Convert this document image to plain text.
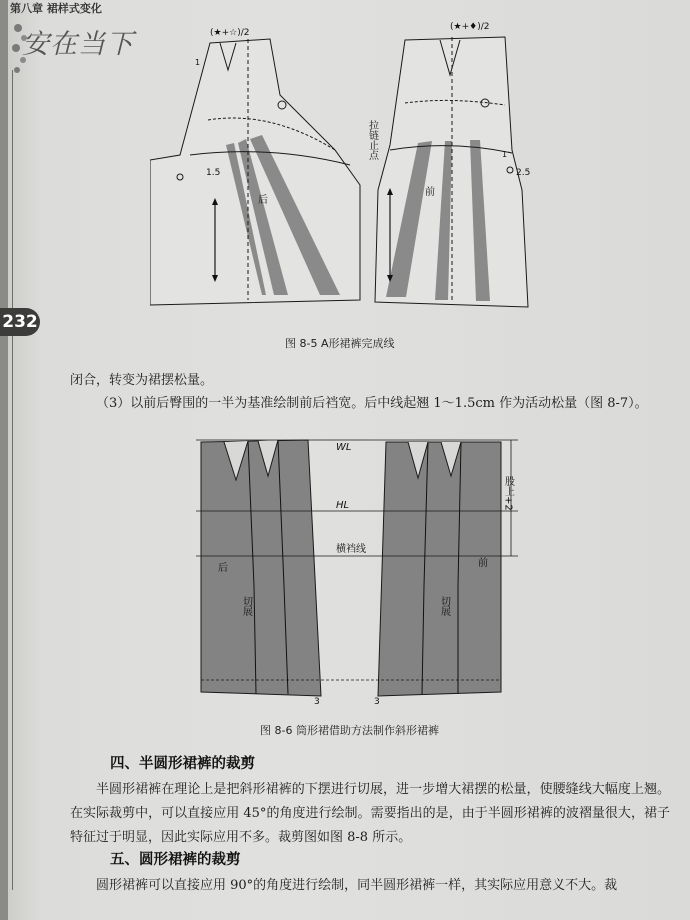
第八章 裙样式变化
安在当下
232
(★+☆)/2
1
1.5
后
(★+♦)/2
1
2.5
前
拉链止点
图 8-5 A形裙裤完成线
闭合，转变为裙摆松量。
（3）以前后臀围的一半为基准绘制前后裆宽。后中线起翘 1～1.5cm 作为活动松量（图 8-7）。
WL
HL
横裆线
股上+2
后	前
切展	切展
3	3
图 8-6 筒形裙借助方法制作斜形裙裤
四、半圆形裙裤的裁剪
半圆形裙裤在理论上是把斜形裙裤的下摆进行切展，进一步增大裙摆的松量，使腰缝线大幅度上翘。在实际裁剪中，可以直接应用 45°的角度进行绘制。需要指出的是，由于半圆形裙裤的波褶量很大，裙子特征过于明显，因此实际应用不多。裁剪图如图 8-8 所示。
五、圆形裙裤的裁剪
圆形裙裤可以直接应用 90°的角度进行绘制，同半圆形裙裤一样，其实际应用意义不大。裁
